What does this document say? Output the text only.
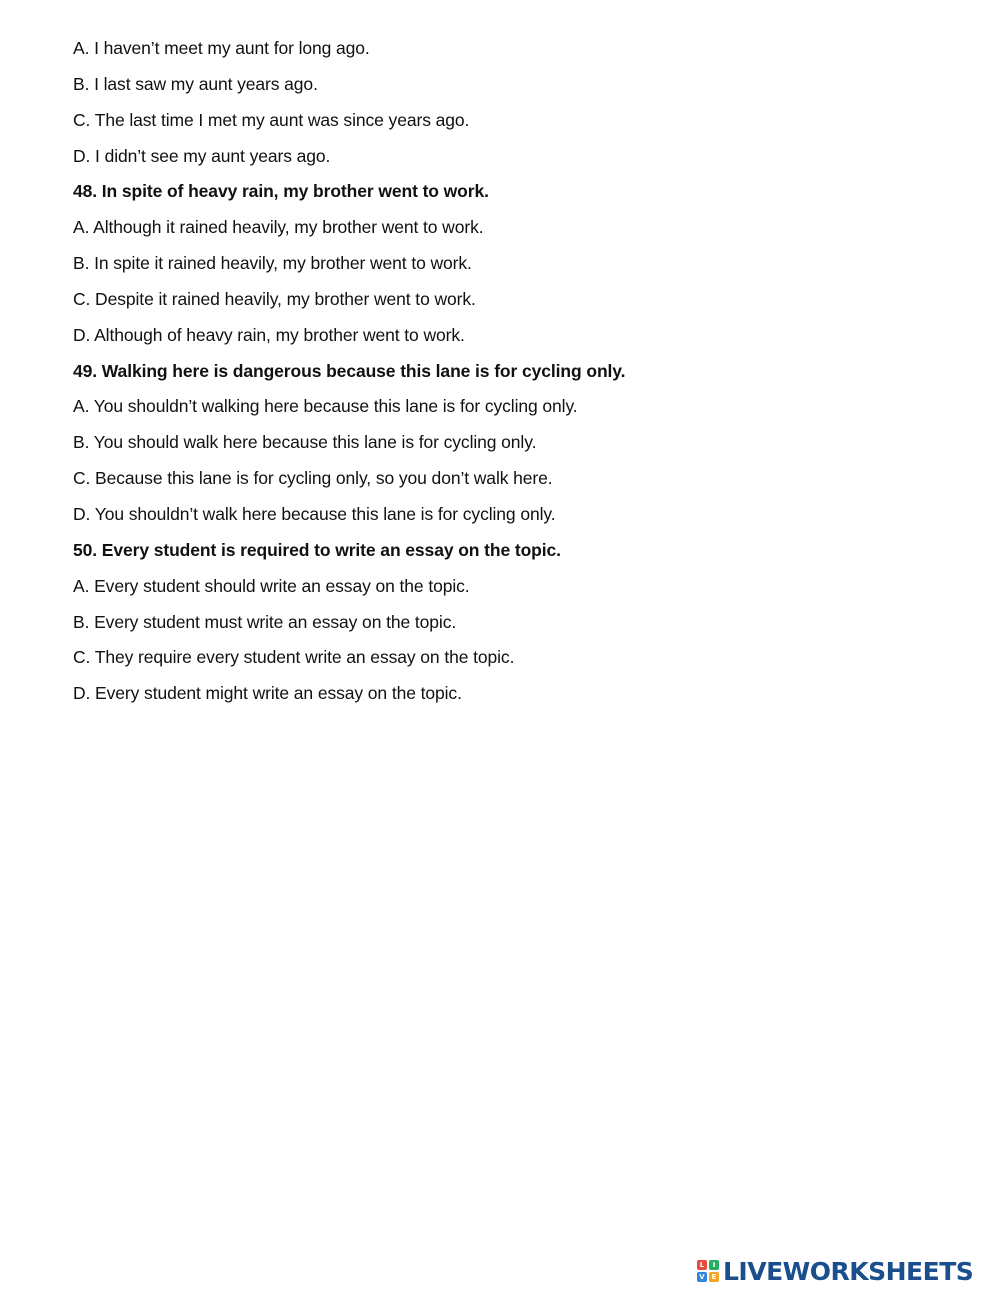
A. I haven’t meet my aunt for long ago.
B. I last saw my aunt years ago.
C. The last time I met my aunt was since years ago.
D. I didn’t see my aunt years ago.
48. In spite of heavy rain, my brother went to work.
A. Although it rained heavily, my brother went to work.
B. In spite it rained heavily, my brother went to work.
C. Despite it rained heavily, my brother went to work.
D. Although of heavy rain, my brother went to work.
49. Walking here is dangerous because this lane is for cycling only.
A. You shouldn’t walking here because this lane is for cycling only.
B. You should walk here because this lane is for cycling only.
C. Because this lane is for cycling only, so you don’t walk here.
D. You shouldn’t walk here because this lane is for cycling only.
50. Every student is required to write an essay on the topic.
A. Every student should write an essay on the topic.
B. Every student must write an essay on the topic.
C. They require every student write an essay on the topic.
D. Every student might write an essay on the topic.
L	I
V E LIVEWORKSHEETS
